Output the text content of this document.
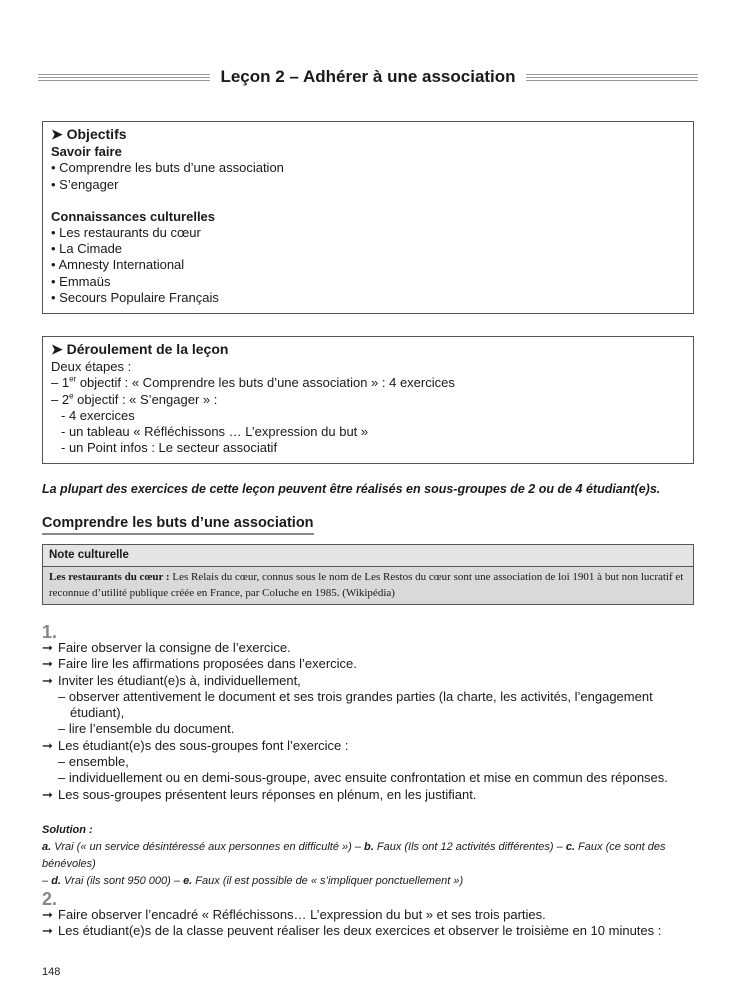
Leçon 2 – Adhérer à une association
➤ Objectifs
Savoir faire
• Comprendre les buts d’une association
• S’engager
Connaissances culturelles
• Les restaurants du cœur
• La Cimade
• Amnesty International
• Emmaüs
• Secours Populaire Français
➤ Déroulement de la leçon
Deux étapes :
– 1er objectif : « Comprendre les buts d’une association » : 4 exercices
– 2e objectif : « S’engager » :
- 4 exercices
- un tableau « Réfléchissons … L’expression du but »
- un Point infos : Le secteur associatif
La plupart des exercices de cette leçon peuvent être réalisés en sous-groupes de 2 ou de 4 étudiant(e)s.
Comprendre les buts d’une association
Note culturelle
Les restaurants du cœur : Les Relais du cœur, connus sous le nom de Les Restos du cœur sont une association de loi 1901 à but non lucratif et reconnue d’utilité publique créée en France, par Coluche en 1985. (Wikipédia)
1.
➞ Faire observer la consigne de l’exercice.
➞ Faire lire les affirmations proposées dans l’exercice.
➞ Inviter les étudiant(e)s à, individuellement,
– observer attentivement le document et ses trois grandes parties (la charte, les activités, l’engagement
étudiant),
– lire l’ensemble du document.
➞ Les étudiant(e)s des sous-groupes font l’exercice :
– ensemble,
– individuellement ou en demi-sous-groupe, avec ensuite confrontation et mise en commun des réponses.
➞ Les sous-groupes présentent leurs réponses en plénum, en les justifiant.
Solution :
a. Vrai (« un service désintéressé aux personnes en difficulté ») – b. Faux (Ils ont 12 activités différentes) – c. Faux (ce sont des bénévoles)
– d. Vrai (ils sont 950 000) – e. Faux (il est possible de « s’impliquer ponctuellement »)
2.
➞ Faire observer l’encadré « Réfléchissons… L’expression du but » et ses trois parties.
➞ Les étudiant(e)s de la classe peuvent réaliser les deux exercices et observer le troisième en 10 minutes :
148
